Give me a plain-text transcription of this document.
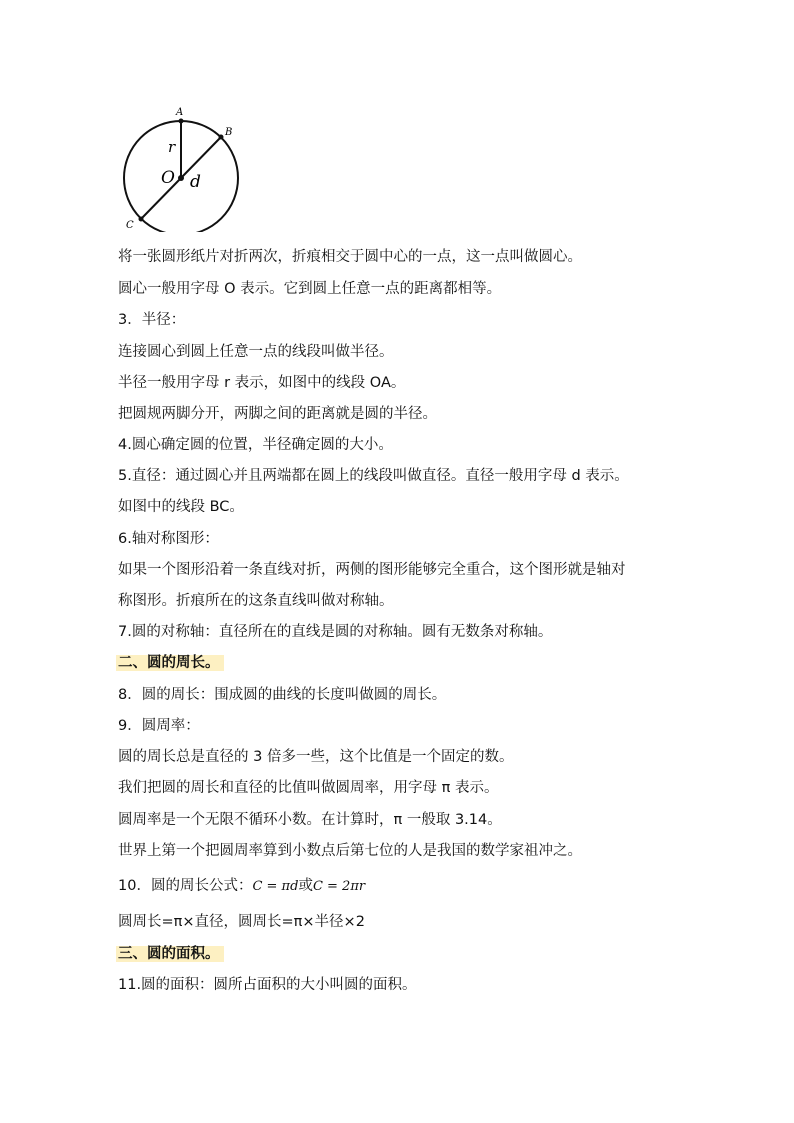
A
B
C
r
O d
将一张圆形纸片对折两次，折痕相交于圆中心的一点，这一点叫做圆心。
圆心一般用字母 O 表示。它到圆上任意一点的距离都相等。
3．半径：
连接圆心到圆上任意一点的线段叫做半径。
半径一般用字母 r 表示，如图中的线段 OA。
把圆规两脚分开，两脚之间的距离就是圆的半径。
4.圆心确定圆的位置，半径确定圆的大小。
5.直径：通过圆心并且两端都在圆上的线段叫做直径。直径一般用字母 d 表示。
如图中的线段 BC。
6.轴对称图形：
如果一个图形沿着一条直线对折，两侧的图形能够完全重合，这个图形就是轴对
称图形。折痕所在的这条直线叫做对称轴。
7.圆的对称轴：直径所在的直线是圆的对称轴。圆有无数条对称轴。
二、圆的周长。
8．圆的周长：围成圆的曲线的长度叫做圆的周长。
9．圆周率：
圆的周长总是直径的 3 倍多一些，这个比值是一个固定的数。
我们把圆的周长和直径的比值叫做圆周率，用字母 π 表示。
圆周率是一个无限不循环小数。在计算时，π 一般取 3.14。
世界上第一个把圆周率算到小数点后第七位的人是我国的数学家祖冲之。
10．圆的周长公式：C = πd或C = 2πr
圆周长=π×直径，圆周长=π×半径×2
三、圆的面积。
11.圆的面积：圆所占面积的大小叫圆的面积。
